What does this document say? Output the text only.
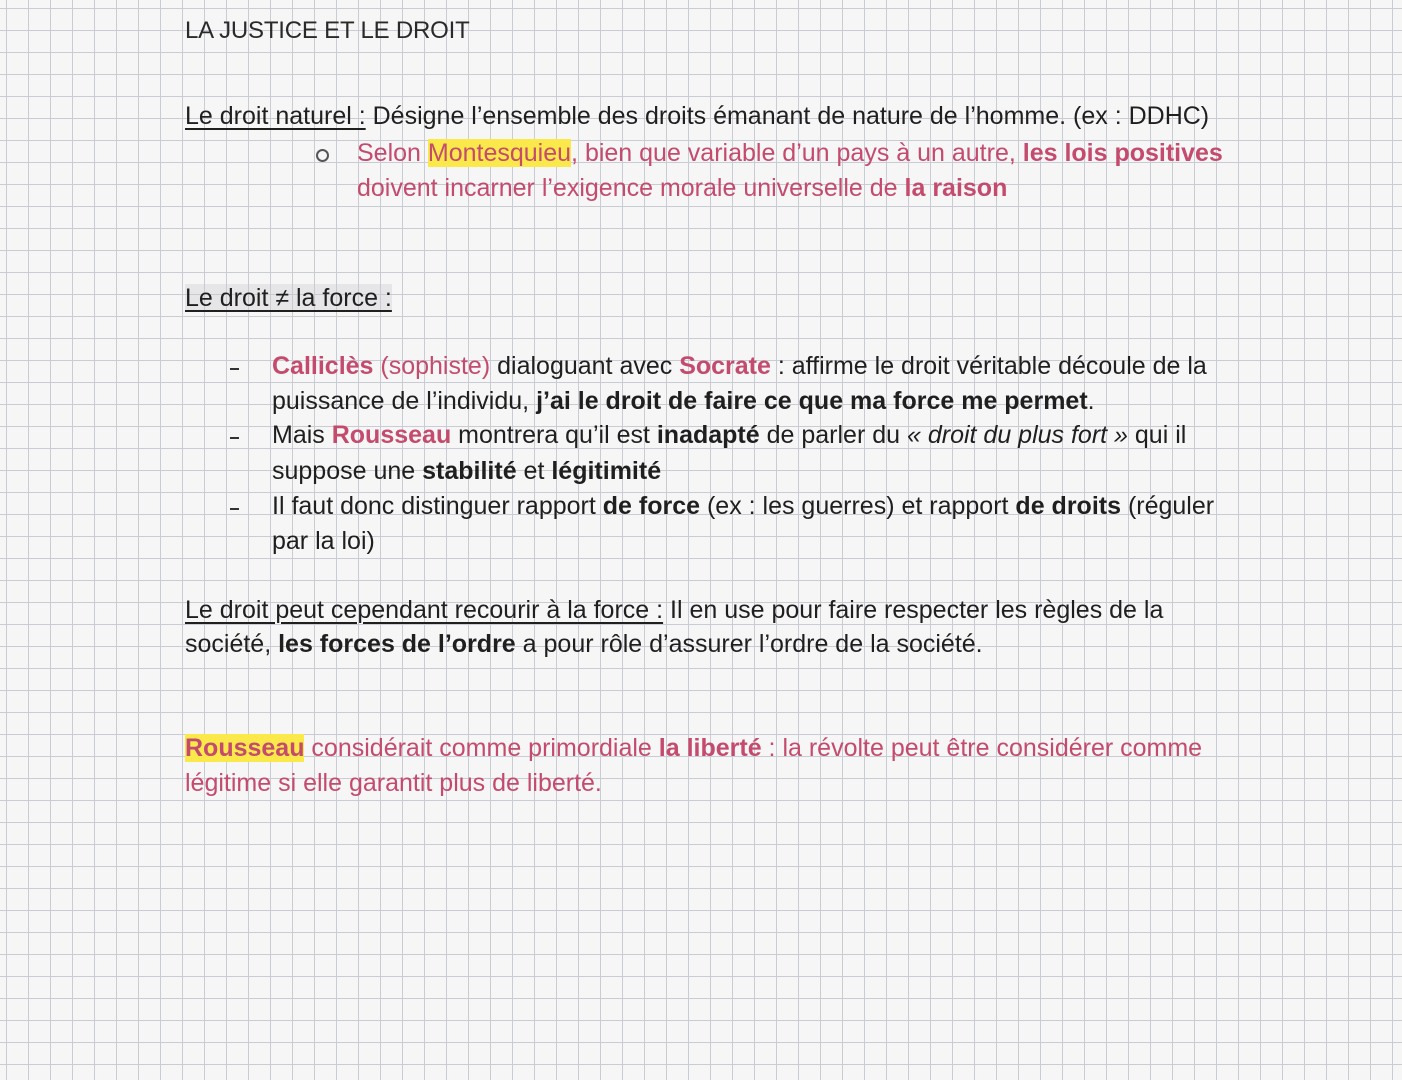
LA JUSTICE ET LE DROIT
Le droit naturel : Désigne l’ensemble des droits émanant de nature de l’homme. (ex : DDHC)
Selon Montesquieu, bien que variable d’un pays à un autre, les lois positives
doivent incarner l’exigence morale universelle de la raison
Le droit ≠ la force :
Calliclès (sophiste) dialoguant avec Socrate : affirme le droit véritable découle de la
puissance de l’individu, j’ai le droit de faire ce que ma force me permet.
Mais Rousseau montrera qu’il est inadapté de parler du « droit du plus fort » qui il
suppose une stabilité et légitimité
Il faut donc distinguer rapport de force (ex : les guerres) et rapport de droits (réguler
par la loi)
Le droit peut cependant recourir à la force : Il en use pour faire respecter les règles de la
société, les forces de l’ordre a pour rôle d’assurer l’ordre de la société.
Rousseau considérait comme primordiale la liberté : la révolte peut être considérer comme
légitime si elle garantit plus de liberté.
